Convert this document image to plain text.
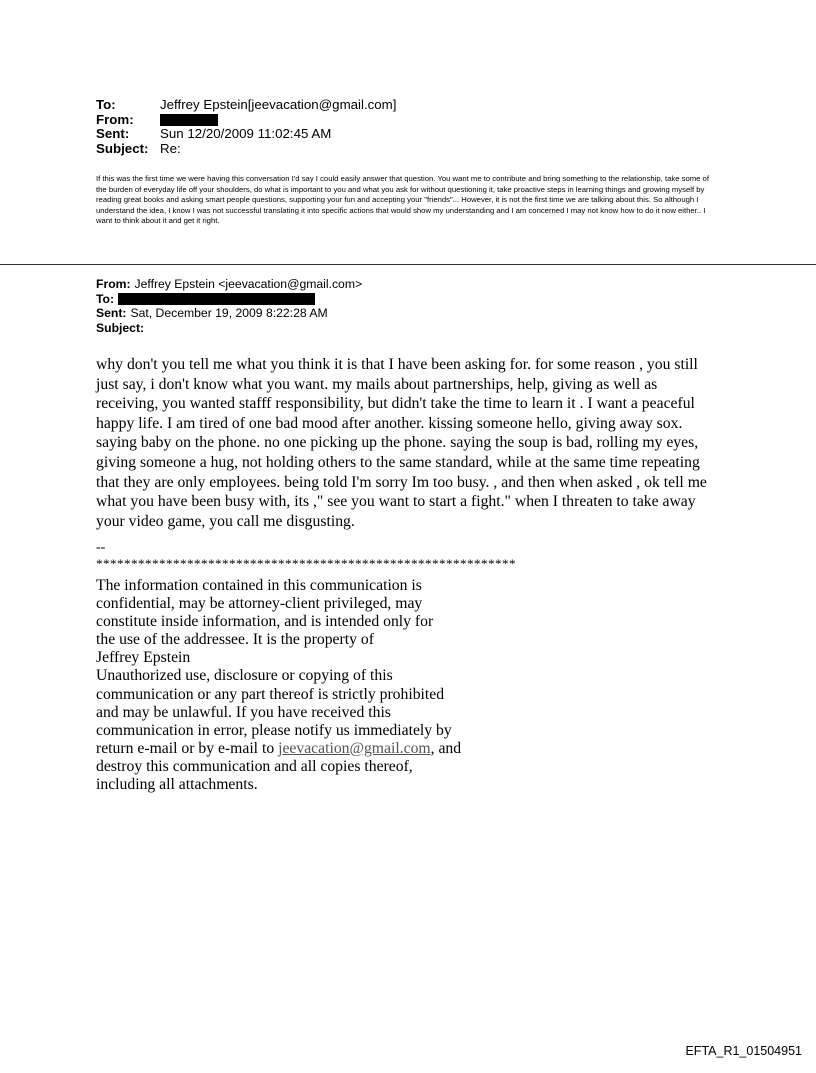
To:	Jeffrey Epstein[jeevacation@gmail.com]
From:
Sent:	Sun 12/20/2009 11:02:45 AM
Subject: Re:

If this was the first time we were having this conversation I'd say I could easily answer that question. You want me to contribute and bring something to the relationship, take some of the burden of everyday life off your shoulders, do what is important to you and what you ask for without questioning it, take proactive steps in learning things and growing myself by reading great books and asking smart people questions, supporting your fun and accepting your "friends"... However, it is not the first time we are talking about this. So although I understand the idea, I know I was not successful translating it into specific actions that would show my understanding and I am concerned I may not know how to do it now either.. I want to think about it and get it right.

From: Jeffrey Epstein <jeevacation@gmail.com>
To:
Sent: Sat, December 19, 2009 8:22:28 AM
Subject:

why don't you tell me what you think it is that I have been asking for. for some reason , you still just say, i don't know what you want. my mails about partnerships, help, giving as well as receiving, you wanted stafff responsibility, but didn't take the time to learn it . I want a peaceful happy life. I am tired of one bad mood after another. kissing someone hello, giving away sox. saying baby on the phone. no one picking up the phone. saying the soup is bad, rolling my eyes, giving someone a hug, not holding others to the same standard, while at the same time repeating that they are only employees. being told I'm sorry Im too busy. , and then when asked , ok tell me what you have been busy with, its ," see you want to start a fight." when I threaten to take away your video game, you call me disgusting.

--
************************************************************
The information contained in this communication is
confidential, may be attorney-client privileged, may
constitute inside information, and is intended only for
the use of the addressee. It is the property of
Jeffrey Epstein
Unauthorized use, disclosure or copying of this
communication or any part thereof is strictly prohibited
and may be unlawful. If you have received this
communication in error, please notify us immediately by
return e-mail or by e-mail to jeevacation@gmail.com, and
destroy this communication and all copies thereof,
including all attachments.
EFTA_R1_01504951
